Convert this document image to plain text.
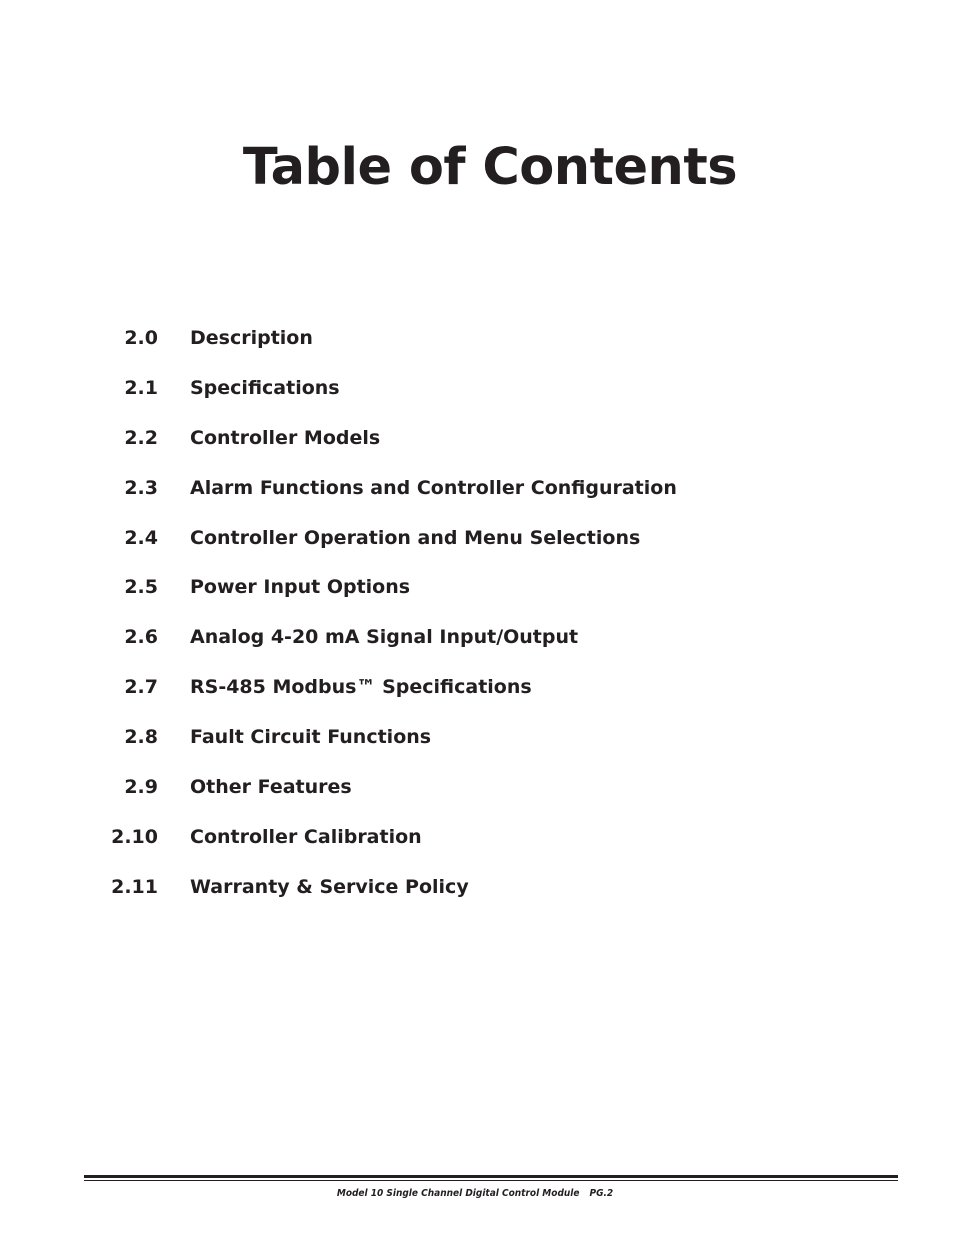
Table of Contents
2.0 Description
2.1 Specifications
2.2 Controller Models
2.3 Alarm Functions and Controller Configuration
2.4 Controller Operation and Menu Selections
2.5 Power Input Options
2.6 Analog 4-20 mA Signal Input/Output
2.7 RS-485 Modbus™ Specifications
2.8 Fault Circuit Functions
2.9 Other Features
2.10 Controller Calibration
2.11 Warranty & Service Policy
Model 10 Single Channel Digital Control Module PG.2
